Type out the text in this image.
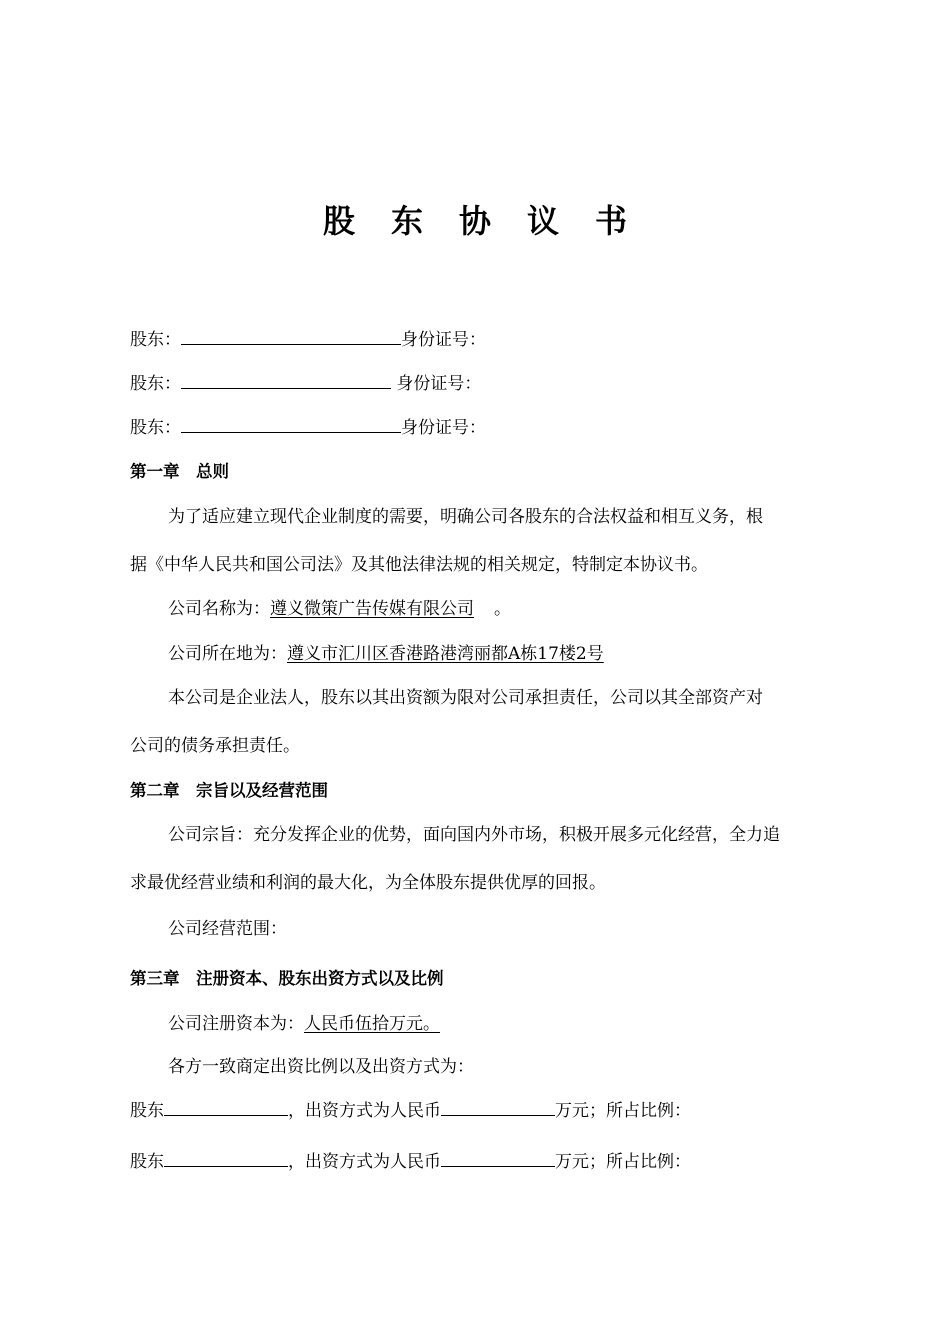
股 东 协 议 书
股东：	身份证号：
股东：	身份证号：
股东：	身份证号：
第一章　总则
为了适应建立现代企业制度的需要，明确公司各股东的合法权益和相互义务，根
据《中华人民共和国公司法》及其他法律法规的相关规定，特制定本协议书。
公司名称为：遵义微策广告传媒有限公司 。
公司所在地为：遵义市汇川区香港路港湾丽都A栋17楼2号
本公司是企业法人，股东以其出资额为限对公司承担责任，公司以其全部资产对
公司的债务承担责任。
第二章　宗旨以及经营范围
公司宗旨：充分发挥企业的优势，面向国内外市场，积极开展多元化经营，全力追
求最优经营业绩和利润的最大化，为全体股东提供优厚的回报。
公司经营范围：
第三章　注册资本、股东出资方式以及比例
公司注册资本为：人民币伍拾万元。
各方一致商定出资比例以及出资方式为：
股东	，出资方式为人民币	万元；所占比例：
股东	，出资方式为人民币	万元；所占比例：
